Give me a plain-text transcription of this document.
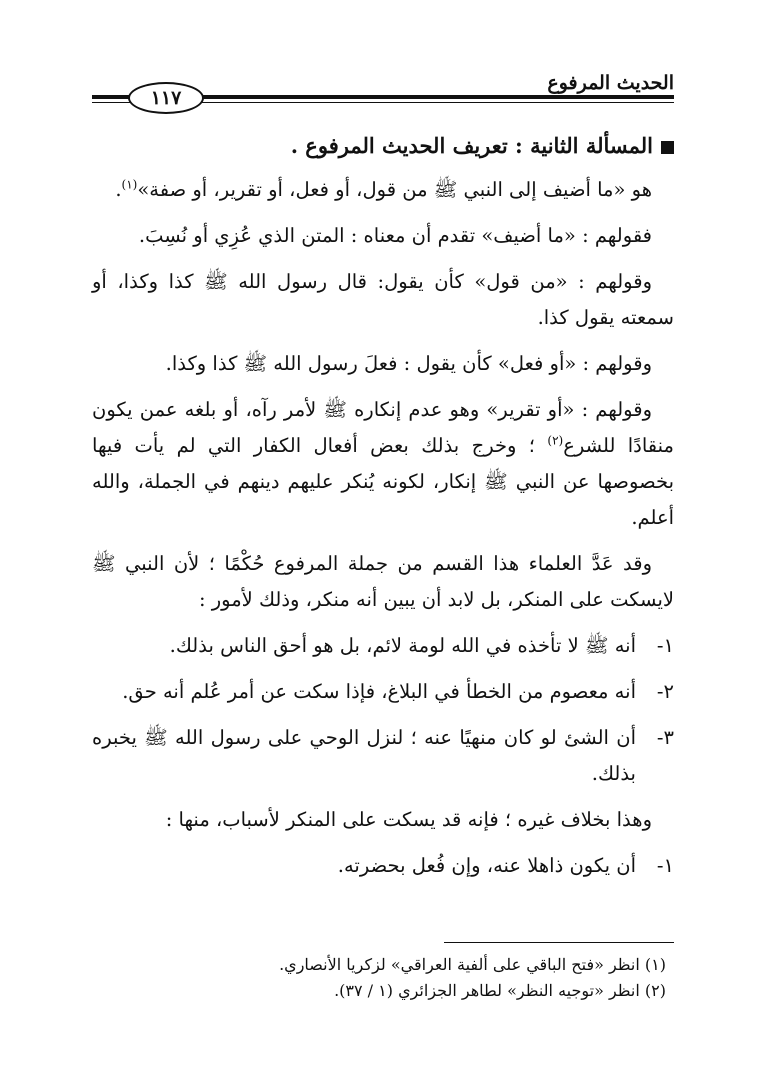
الحديث المرفوع
١١٧

المسألة الثانية : تعريف الحديث المرفوع .

هو «ما أضيف إلى النبي ﷺ من قول، أو فعل، أو تقرير، أو صفة»$^{(١)}$.

فقولهم : «ما أضيف» تقدم أن معناه : المتن الذي عُزِي أو نُسِبَ.

وقولهم : «من قول» كأن يقول: قال رسول الله ﷺ كذا وكذا، أو سمعته يقول كذا.

وقولهم : «أو فعل» كأن يقول : فعلَ رسول الله ﷺ كذا وكذا.

وقولهم : «أو تقرير» وهو عدم إنكاره ﷺ لأمر رآه، أو بلغه عمن يكون منقادًا للشرع$^{(٢)}$ ؛ وخرج بذلك بعض أفعال الكفار التي لم يأت فيها بخصوصها عن النبي ﷺ إنكار، لكونه يُنكر عليهم دينهم في الجملة، والله أعلم.

وقد عَدَّ العلماء هذا القسم من جملة المرفوع حُكْمًا ؛ لأن النبي ﷺ لايسكت على المنكر، بل لابد أن يبين أنه منكر، وذلك لأمور :

١-
أنه ﷺ لا تأخذه في الله لومة لائم، بل هو أحق الناس بذلك.

٢-
أنه معصوم من الخطأ في البلاغ، فإذا سكت عن أمر عُلم أنه حق.

٣-
أن الشئ لو كان منهيًا عنه ؛ لنزل الوحي على رسول الله ﷺ يخبره بذلك.

وهذا بخلاف غيره ؛ فإنه قد يسكت على المنكر لأسباب، منها :

١-
أن يكون ذاهلا عنه، وإن فُعل بحضرته.

(١) انظر «فتح الباقي على ألفية العراقي» لزكريا الأنصاري.
(٢) انظر «توجيه النظر» لطاهر الجزائري (١ / ٣٧).
